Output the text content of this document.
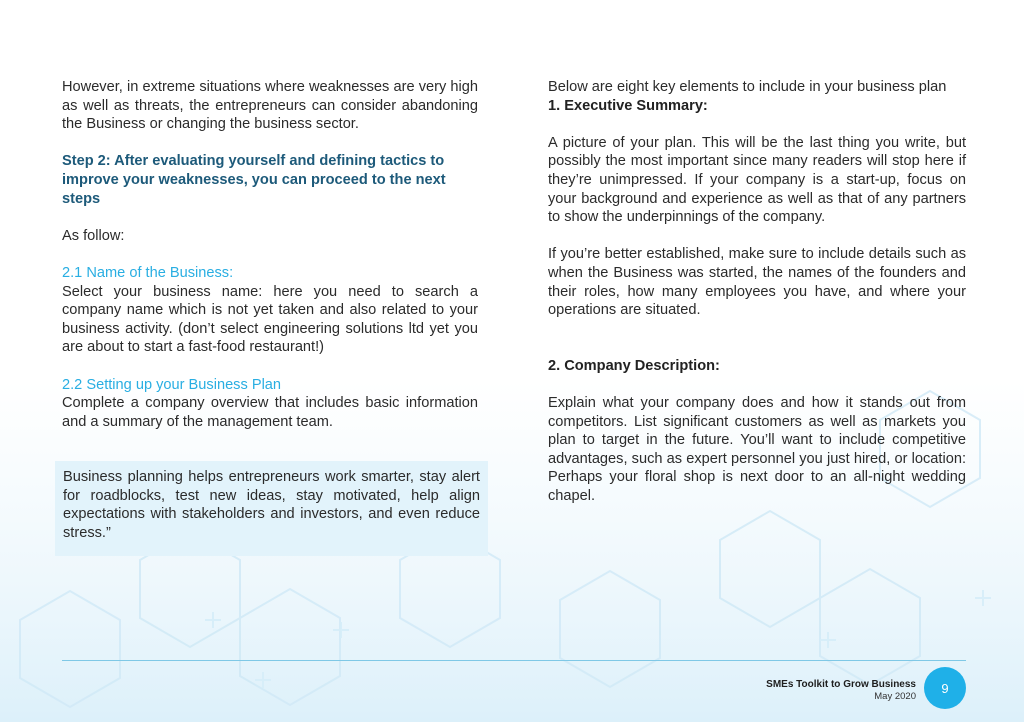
However, in extreme situations where weaknesses are very high as well as threats, the entrepreneurs can consider abandoning the Business or changing the business sector.

Step 2: After evaluating yourself and defining tactics to improve your weaknesses, you can proceed to the next steps

As follow:

2.1 Name of the Business:

Select your business name: here you need to search a company name which is not yet taken and also related to your business activity. (don’t select engineering solutions ltd yet you are about to start a fast-food restaurant!)

2.2 Setting up your Business Plan

Complete a company overview that includes basic information and a summary of the management team.

Business planning helps entrepreneurs work smarter, stay alert for roadblocks, test new ideas, stay motivated, help align expectations with stakeholders and investors, and even reduce stress.”

Below are eight key elements to include in your business plan

1. Executive Summary:

A picture of your plan. This will be the last thing you write, but possibly the most important since many readers will stop here if they’re unimpressed. If your company is a start-up, focus on your background and experience as well as that of any partners to show the underpinnings of the company.

If you’re better established, make sure to include details such as when the Business was started, the names of the founders and their roles, how many employees you have, and where your operations are situated.

2. Company Description:

Explain what your company does and how it stands out from competitors. List significant customers as well as markets you plan to target in the future. You’ll want to include competitive advantages, such as expert personnel you just hired, or location: Perhaps your floral shop is next door to an all-night wedding chapel.

SMEs Toolkit to Grow Business
May 2020
9
